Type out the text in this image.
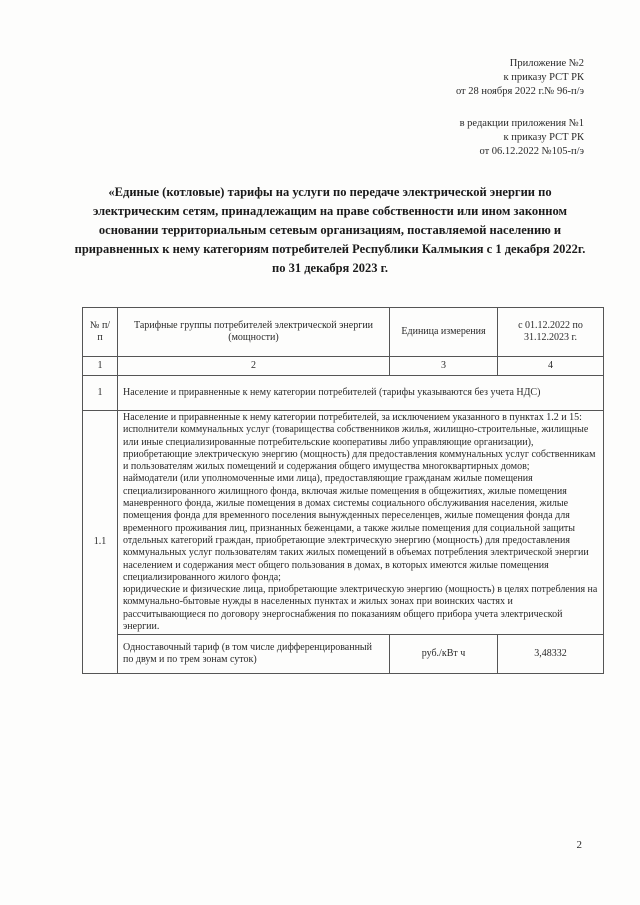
Приложение №2
к приказу РСТ РК
от 28 ноября 2022 г.№ 96-п/э
в редакции приложения №1
к приказу РСТ РК
от 06.12.2022 №105-п/э
«Единые (котловые) тарифы на услуги по передаче электрической энергии по электрическим сетям, принадлежащим на праве собственности или ином законном основании территориальным сетевым организациям, поставляемой населению и приравненных к нему категориям потребителей Республики Калмыкия с 1 декабря 2022г. по 31 декабря 2023 г.
№ п/п	Тарифные группы потребителей электрической энергии (мощности)	Единица измерения	с 01.12.2022 по 31.12.2023 г.
1	2	3	4
1	Население и приравненные к нему категории потребителей (тарифы указываются без учета НДС)		
1.1	Население и приравненные к нему категории потребителей, за исключением указанного в пунктах 1.2 и 15:
исполнители коммунальных услуг (товарищества собственников жилья, жилищно-строительные, жилищные или иные специализированные потребительские кооперативы либо управляющие организации), приобретающие электрическую энергию (мощность) для предоставления коммунальных услуг собственникам и пользователям жилых помещений и содержания общего имущества многоквартирных домов;
наймодатели (или уполномоченные ими лица), предоставляющие гражданам жилые помещения специализированного жилищного фонда, включая жилые помещения в общежитиях, жилые помещения маневренного фонда, жилые помещения в домах системы социального обслуживания населения, жилые помещения фонда для временного поселения вынужденных переселенцев, жилые помещения фонда для временного проживания лиц, признанных беженцами, а также жилые помещения для социальной защиты отдельных категорий граждан, приобретающие электрическую энергию (мощность) для предоставления коммунальных услуг пользователям таких жилых помещений в объемах потребления электрической энергии населением и содержания мест общего пользования в домах, в которых имеются жилые помещения специализированного жилого фонда;
юридические и физические лица, приобретающие электрическую энергию (мощность) в целях потребления на коммунально-бытовые нужды в населенных пунктах и жилых зонах при воинских частях и рассчитывающиеся по договору энергоснабжения по показаниям общего прибора учета электрической энергии.		

	Одноставочный тариф (в том числе дифференцированный по двум и по трем зонам суток)	руб./кВт ч	3,48332
2
